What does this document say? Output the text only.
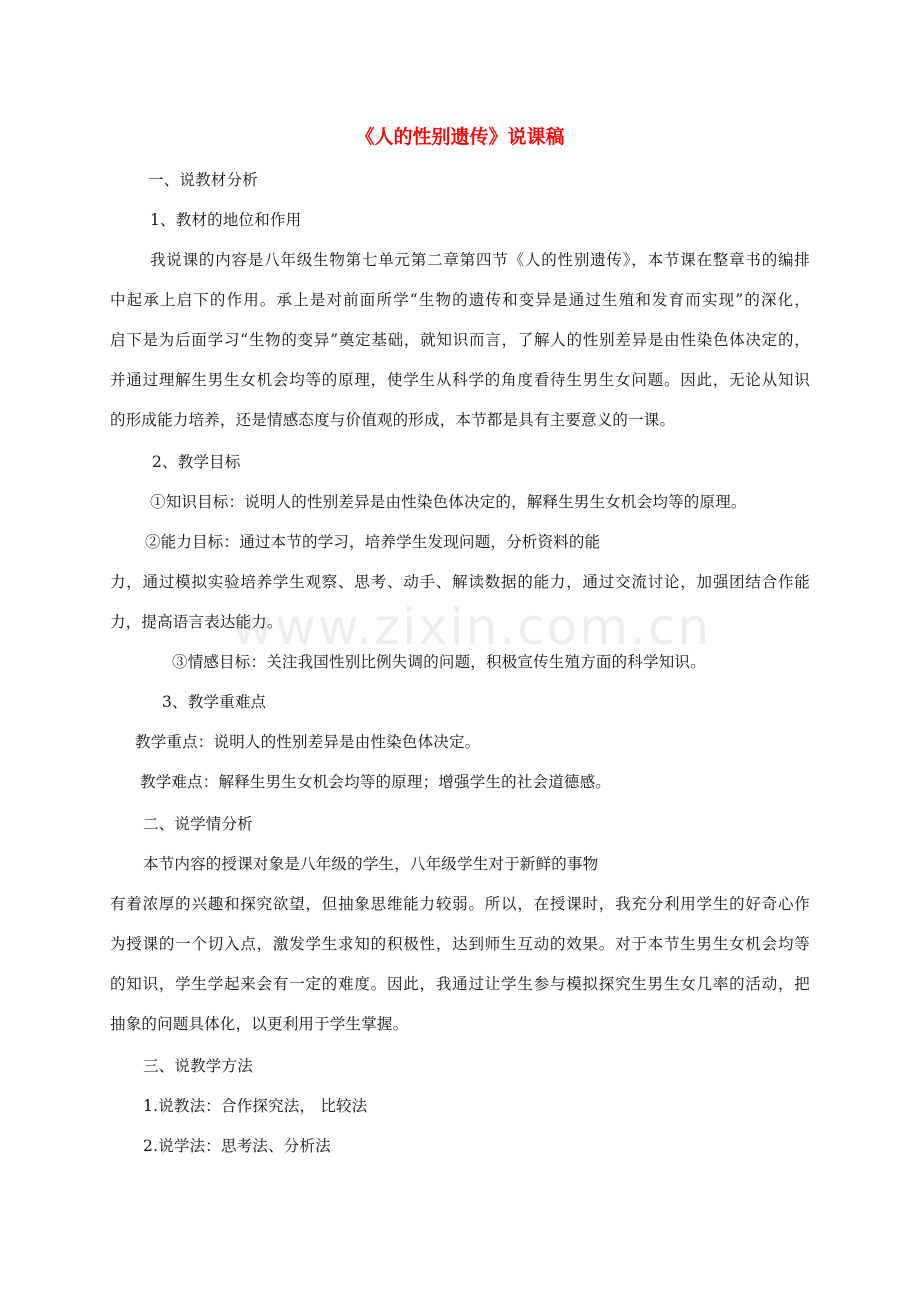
www.zixin.com.cn
《人的性别遗传》说课稿
一、说教材分析
1、教材的地位和作用
我说课的内容是八年级生物第七单元第二章第四节《人的性别遗传》，本节课在整章书的编排
中起承上启下的作用。承上是对前面所学“生物的遗传和变异是通过生殖和发育而实现”的深化，
启下是为后面学习“生物的变异”奠定基础，就知识而言，了解人的性别差异是由性染色体决定的，
并通过理解生男生女机会均等的原理，使学生从科学的角度看待生男生女问题。因此，无论从知识
的形成能力培养，还是情感态度与价值观的形成，本节都是具有主要意义的一课。
2、教学目标
①知识目标：说明人的性别差异是由性染色体决定的，解释生男生女机会均等的原理。
②能力目标：通过本节的学习，培养学生发现问题，分析资料的能
力，通过模拟实验培养学生观察、思考、动手、解读数据的能力，通过交流讨论，加强团结合作能
力，提高语言表达能力。
③情感目标：关注我国性别比例失调的问题，积极宣传生殖方面的科学知识。
3、教学重难点
教学重点：说明人的性别差异是由性染色体决定。
教学难点：解释生男生女机会均等的原理；增强学生的社会道德感。
二、说学情分析
本节内容的授课对象是八年级的学生，八年级学生对于新鲜的事物
有着浓厚的兴趣和探究欲望，但抽象思维能力较弱。所以，在授课时，我充分利用学生的好奇心作
为授课的一个切入点，激发学生求知的积极性，达到师生互动的效果。对于本节生男生女机会均等
的知识，学生学起来会有一定的难度。因此，我通过让学生参与模拟探究生男生女几率的活动，把
抽象的问题具体化，以更利用于学生掌握。
三、说教学方法
1.说教法：合作探究法， 比较法
2.说学法：思考法、分析法
